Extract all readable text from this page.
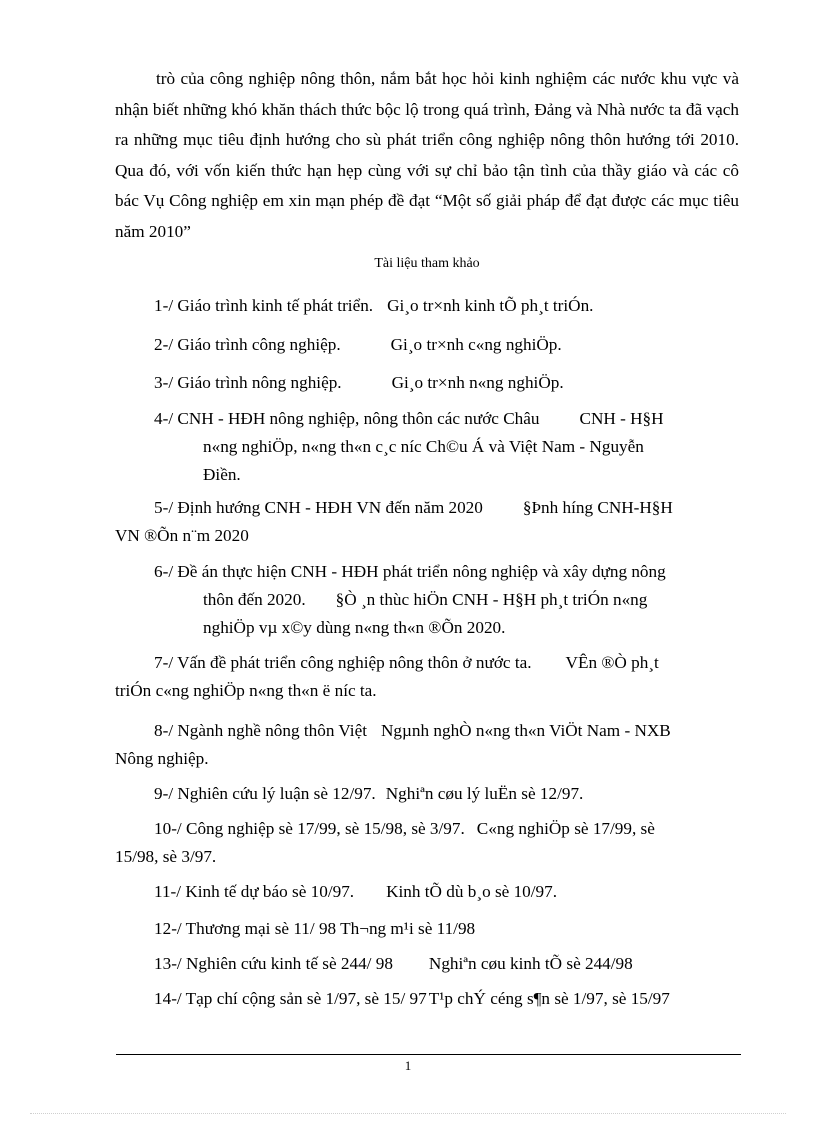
trò của công nghiệp nông thôn, nắm bắt học hỏi kinh nghiệm các nước khu vực và nhận biết những khó khăn thách thức bộc lộ trong quá trình, Đảng và Nhà nước ta đã vạch ra những mục tiêu định hướng cho sù phát triển công nghiệp nông thôn hướng tới 2010. Qua đó, với vốn kiến thức hạn hẹp cùng với sự chỉ bảo tận tình của thầy giáo và các cô bác Vụ Công nghiệp em xin mạn phép đề đạt “Một số giải pháp để đạt được các mục tiêu năm 2010”

Tài liệu tham khảo

1-/ Giáo trình kinh tế phát triển. Gi¸o tr×nh kinh tÕ ph¸t triÓn.
2-/ Giáo trình công nghiệp.	Gi¸o tr×nh c«ng nghiÖp.
3-/ Giáo trình nông nghiệp.	Gi¸o tr×nh n«ng nghiÖp.
4-/ CNH - HĐH nông nghiệp, nông thôn các nước Châu CNH - H§H
n«ng nghiÖp, n«ng th«n c¸c níc Ch©u Á và Việt Nam - Nguyễn
Điền.
5-/ Định hướng CNH - HĐH VN đến năm 2020 §Þnh híng CNH-H§H
VN ®Õn n¨m 2020
6-/ Đề án thực hiện CNH - HĐH phát triển nông nghiệp và xây dựng nông
thôn đến 2020. §Ò ¸n thùc hiÖn CNH - H§H ph¸t triÓn n«ng
nghiÖp vµ x©y dùng n«ng th«n ®Õn 2020.
7-/ Vấn đề phát triển công nghiệp nông thôn ở nước ta. VÊn ®Ò ph¸t
triÓn c«ng nghiÖp n«ng th«n ë níc ta.
8-/ Ngành nghề nông thôn Việt Ngµnh nghÒ n«ng th«n ViÖt Nam - NXB
Nông nghiệp.
9-/ Nghiên cứu lý luận sè 12/97. Nghiªn cøu lý luËn sè 12/97.
10-/ Công nghiệp sè 17/99, sè 15/98, sè 3/97. C«ng nghiÖp sè 17/99, sè
15/98, sè 3/97.
11-/ Kinh tế dự báo sè 10/97. Kinh tÕ dù b¸o sè 10/97.
12-/ Thương mại sè 11/ 98 Th¬ng m¹i sè 11/98
13-/ Nghiên cứu kinh tế sè 244/ 98 Nghiªn cøu kinh tÕ sè 244/98
14-/ Tạp chí cộng sản sè 1/97, sè 15/ 97 T¹p chÝ céng s¶n sè 1/97, sè 15/97
1
